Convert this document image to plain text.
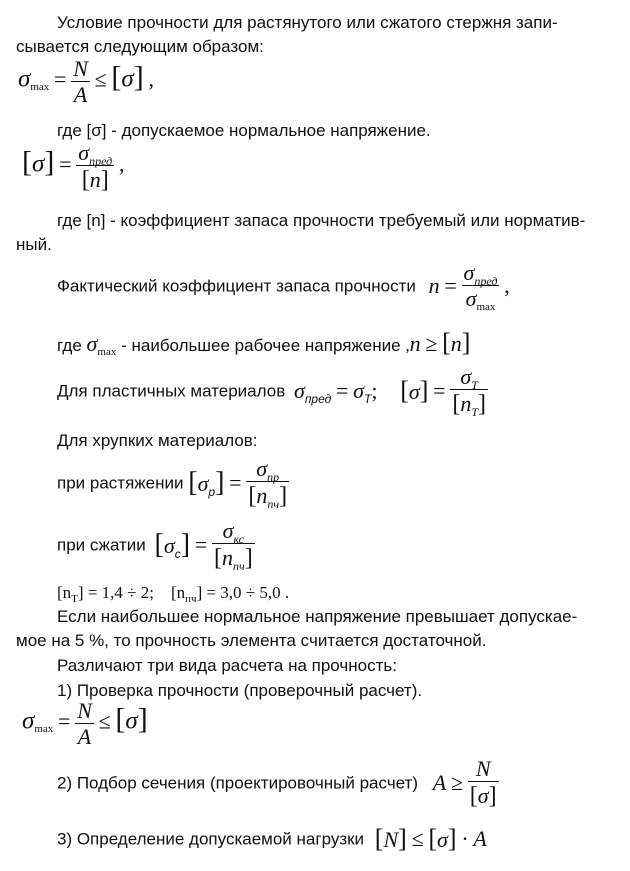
Условие прочности для растянутого или сжатого стержня запи-
сывается следующим образом:
$\sigma_{max} = \frac{N}{A} \le [\sigma]$ ,
где [σ] - допускаемое нормальное напряжение.
$[\sigma] = \frac{\sigma_{пред}}{[n]}$ ,
где [n] - коэффициент запаса прочности требуемый или норматив-
ный.
Фактический коэффициент запаса прочности $n = \frac{\sigma_{пред}}{\sigma\max}$ ,
где $\sigma_{max}$ - наибольшее рабочее напряжение ,n ≥ [n]
Для пластичных материалов $\sigma_{пред} = \sigma_T$; $[\sigma] = \frac{\sigma_T}{[n_T]}$
Для хрупких материалов:
при растяжении $[\sigma_р] = \frac{\sigma_{пр}}{[n_{пч}]}$
при сжатии $[\sigma_с] = \frac{\sigma_{кс}}{[n_{пч}]}$
$[n_T] = 1,4 \div 2$; $[n_{пч}] = 3,0 \div 5,0$ .
Если наибольшее нормальное напряжение превышает допускае-
мое на 5 %, то прочность элемента считается достаточной.
Различают три вида расчета на прочность:
1) Проверка прочности (проверочный расчет).
$\sigma_{max} = \frac{N}{A} \le [\sigma]$
2) Подбор сечения (проектировочный расчет) $A \ge \frac{N}{[\sigma]}$
3) Определение допускаемой нагрузки [N] ≤ [σ] · A
